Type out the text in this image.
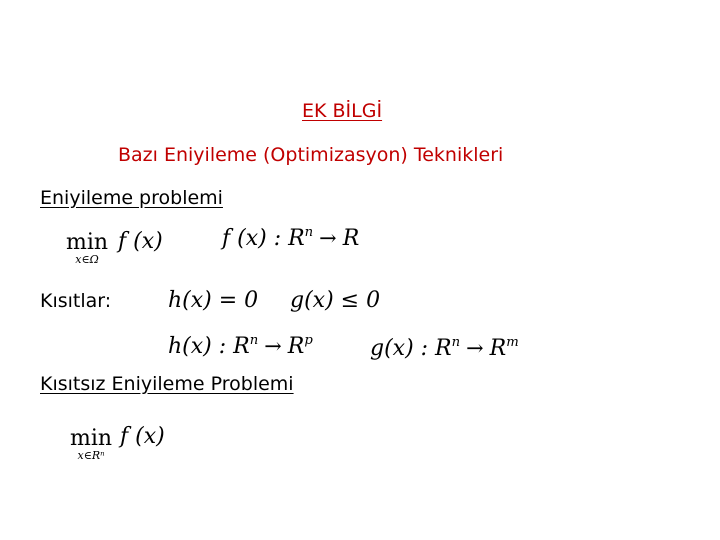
EK BİLGİ
Bazı Eniyileme (Optimizasyon) Teknikleri
Eniyileme problemi
min
x∈Ω
f (x)	f (x) : $R^n \to R$
Kısıtlar:	h(x) = 0 g(x) ≤ 0
h(x) : $R^n \to R^p$	g(x) : $R^n \to R^m$
Kısıtsız Eniyileme Problemi
min
x∈Rⁿ
f (x)
